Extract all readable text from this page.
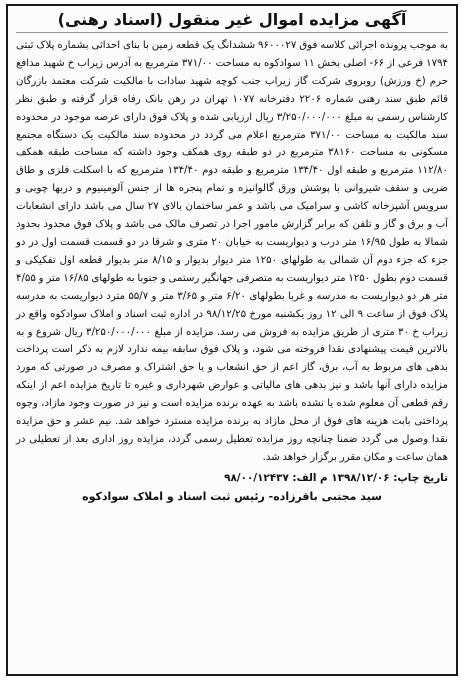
آگهی مزایده اموال غیر منقول (اسناد رهنی)
به موجب پرونده اجرائی کلاسه فوق ۹۶۰۰۰۲۷ ششدانگ یک قطعه زمین با بنای احداثی بشماره پلاک ثبتی ۱۷۹۴ فرعی از ۶۶- اصلی بخش ۱۱ سوادکوه به مساحت ۳۷۱/۰۰ مترمربع به آدرس زیراب خ شهید مدافع حرم (خ ورزش) روبروی شرکت گاز زیراب جنب کوچه شهید سادات با مالکیت شرکت معتمد بازرگان قائم طبق سند رهنی شماره ۲۲۰۶ دفترخانه ۱۰۷۷ تهران در رهن بانک رفاه قرار گرفته و طبق نظر کارشناس رسمی به مبلغ ۳/۲۵۰/۰۰۰/۰۰۰ ریال ارزیابی شده و پلاک فوق دارای عرصه موجود در محدوده سند مالکیت به مساحت ۳۷۱/۰۰ مترمربع اعلام می گردد در محدوده سند مالکیت یک دستگاه مجتمع مسکونی به مساحت ۳۸۱۶۰ مترمربع در دو طبقه روی همکف وجود داشته که مساحت طبقه همکف ۱۱۲/۸۰ مترمربع و طبقه اول ۱۳۴/۴۰ مترمربع و طبقه دوم ۱۳۴/۴۰ مترمربع که با اسکلت فلزی و طاق ضربی و سقف شیروانی با پوشش ورق گالوانیزه و تمام پنجره ها از جنس آلومینیوم و دربها چوبی و سرویس آشپزخانه کاشی و سرامیک می باشد و عمر ساختمان بالای ۲۷ سال می باشد دارای انشعابات آب و برق و گاز و تلفن که برابر گزارش مامور اجرا در تصرف مالک می باشد و پلاک فوق محدود بحدود شمالا به طول ۱۶/۹۵ متر درب و دیواریست به خیابان ۲۰ متری و شرقا در دو قسمت قسمت اول در دو جزء که جزء دوم آن شمالی به طولهای ۱۲۵۰ متر دیوار بدیوار و ۸/۱۵ متر بدیوار قطعه اول تفکیکی و قسمت دوم بطول ۱۲۵۰ متر دیواریست به متصرفی جهانگیر رستمی و جنوبا به طولهای ۱۶/۸۵ متر و ۴/۵۵ متر هر دو دیواریست به مدرسه و غربا بطولهای ۶/۲۰ متر و ۳/۶۵ متر و ۵۵/۷ مترد دیواریست به مدرسه پلاک فوق از ساعت ۹ الی ۱۲ روز یکشنبه مورخ ۹۸/۱۲/۲۵ در اداره ثبت اسناد و املاک سوادکوه واقع در زیراب خ ۳۰ متری از طریق مزایده به فروش می رسد. مزایده از مبلغ ۳/۲۵۰/۰۰۰/۰۰۰ ریال شروع و به بالاترین قیمت پیشنهادی نقدا فروخته می شود، و پلاک فوق سابقه بیمه ندارد لازم به ذکر است پرداخت بدهی های مربوط به آب، برق، گاز اعم از حق انشعاب و یا حق اشتراک و مصرف در صورتی که مورد مزایده دارای آنها باشد و نیز بدهی های مالیاتی و عوارض شهرداری و غیره تا تاریخ مزایده اعم از اینکه رقم قطعی آن معلوم شده یا نشده باشد به عهده برنده مزایده است و نیز در صورت وجود مازاد، وجوه پرداختی بابت هزینه های فوق از محل مازاد به برنده مزایده مسترد خواهد شد. نیم عشر و حق مزایده نقدا وصول می گردد ضمنا چنانچه روز مزایده تعطیل رسمی گردد، مزایده روز اداری بعد از تعطیلی در همان ساعت و مکان مقرر برگزار خواهد شد.
تاریخ چاپ: ۱۳۹۸/۱۲/۰۶ م الف: ۹۸/۰۰/۱۲۴۳۷
سید مجتبی باقرزاده- رئیس ثبت اسناد و املاک سوادکوه
